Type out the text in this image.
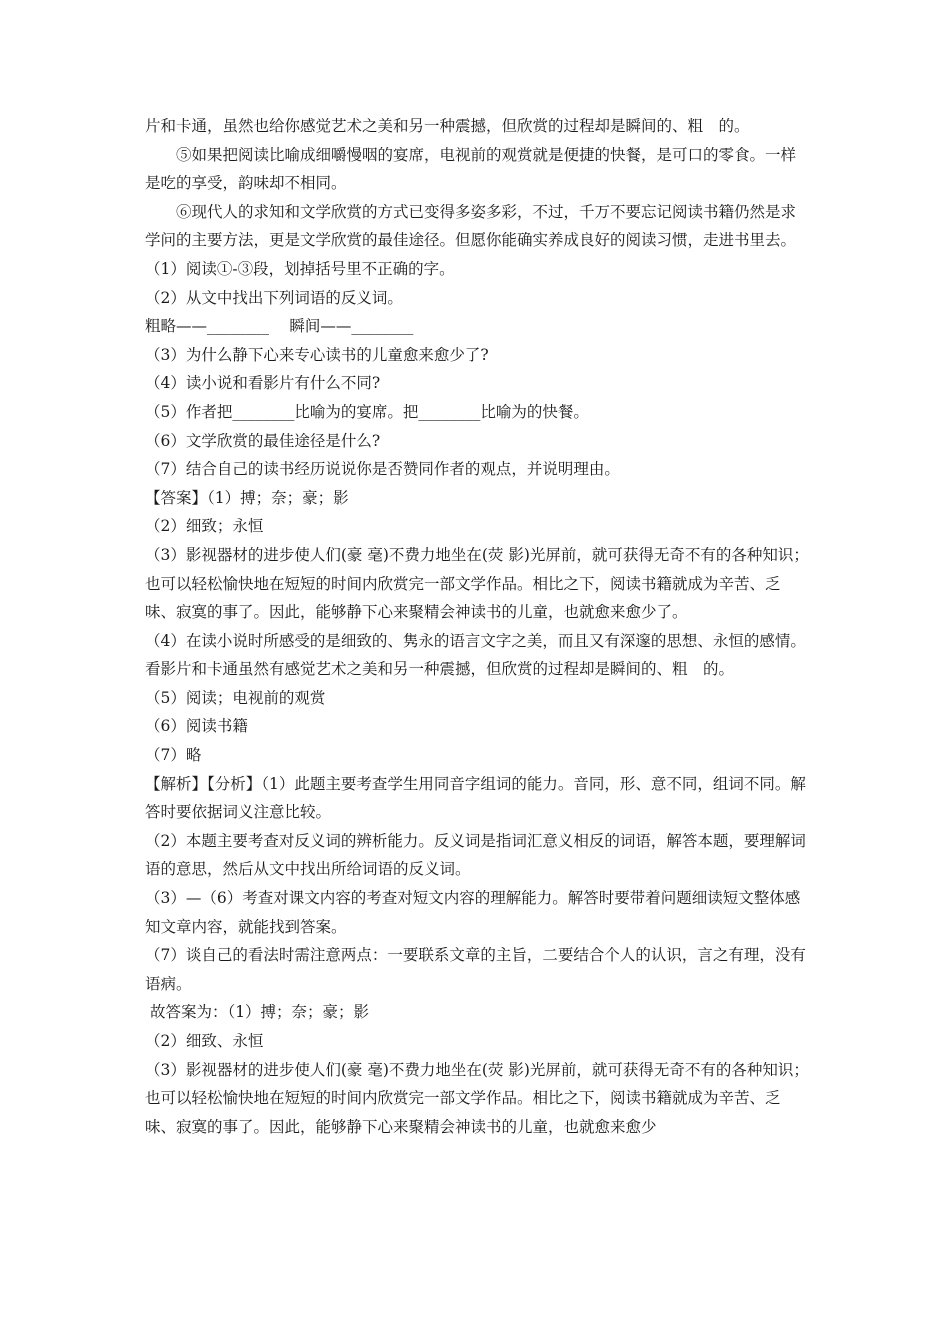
片和卡通，虽然也给你感觉艺术之美和另一种震撼，但欣赏的过程却是瞬间的、粗　的。

⑤如果把阅读比喻成细嚼慢咽的宴席，电视前的观赏就是便捷的快餐，是可口的零食。一样是吃的享受，韵味却不相同。

⑥现代人的求知和文学欣赏的方式已变得多姿多彩，不过，千万不要忘记阅读书籍仍然是求学问的主要方法，更是文学欣赏的最佳途径。但愿你能确实养成良好的阅读习惯，走进书里去。

（1）阅读①-③段，划掉括号里不正确的字。

（2）从文中找出下列词语的反义词。

粗略——________　 瞬间——________

（3）为什么静下心来专心读书的儿童愈来愈少了?

（4）读小说和看影片有什么不同?

（5）作者把________比喻为的宴席。把________比喻为的快餐。

（6）文学欣赏的最佳途径是什么?

（7）结合自己的读书经历说说你是否赞同作者的观点，并说明理由。

【答案】（1）搏；奈；豪；影

（2）细致；永恒

（3）影视器材的进步使人们(豪 毫)不费力地坐在(荧 影)光屏前，就可获得无奇不有的各种知识；也可以轻松愉快地在短短的时间内欣赏完一部文学作品。相比之下，阅读书籍就成为辛苦、乏味、寂寞的事了。因此，能够静下心来聚精会神读书的儿童，也就愈来愈少了。

（4）在读小说时所感受的是细致的、隽永的语言文字之美，而且又有深邃的思想、永恒的感情。看影片和卡通虽然有感觉艺术之美和另一种震撼，但欣赏的过程却是瞬间的、粗　的。

（5）阅读；电视前的观赏

（6）阅读书籍

（7）略

【解析】【分析】（1）此题主要考查学生用同音字组词的能力。音同，形、意不同，组词不同。解答时要依据词义注意比较。

（2）本题主要考查对反义词的辨析能力。反义词是指词汇意义相反的词语，解答本题，要理解词语的意思，然后从文中找出所给词语的反义词。

（3）—（6）考查对课文内容的考查对短文内容的理解能力。解答时要带着问题细读短文整体感知文章内容，就能找到答案。

（7）谈自己的看法时需注意两点：一要联系文章的主旨，二要结合个人的认识，言之有理，没有语病。

故答案为：（1）搏；奈；豪；影

（2）细致、永恒

（3）影视器材的进步使人们(豪 毫)不费力地坐在(荧 影)光屏前，就可获得无奇不有的各种知识；也可以轻松愉快地在短短的时间内欣赏完一部文学作品。相比之下，阅读书籍就成为辛苦、乏味、寂寞的事了。因此，能够静下心来聚精会神读书的儿童，也就愈来愈少
